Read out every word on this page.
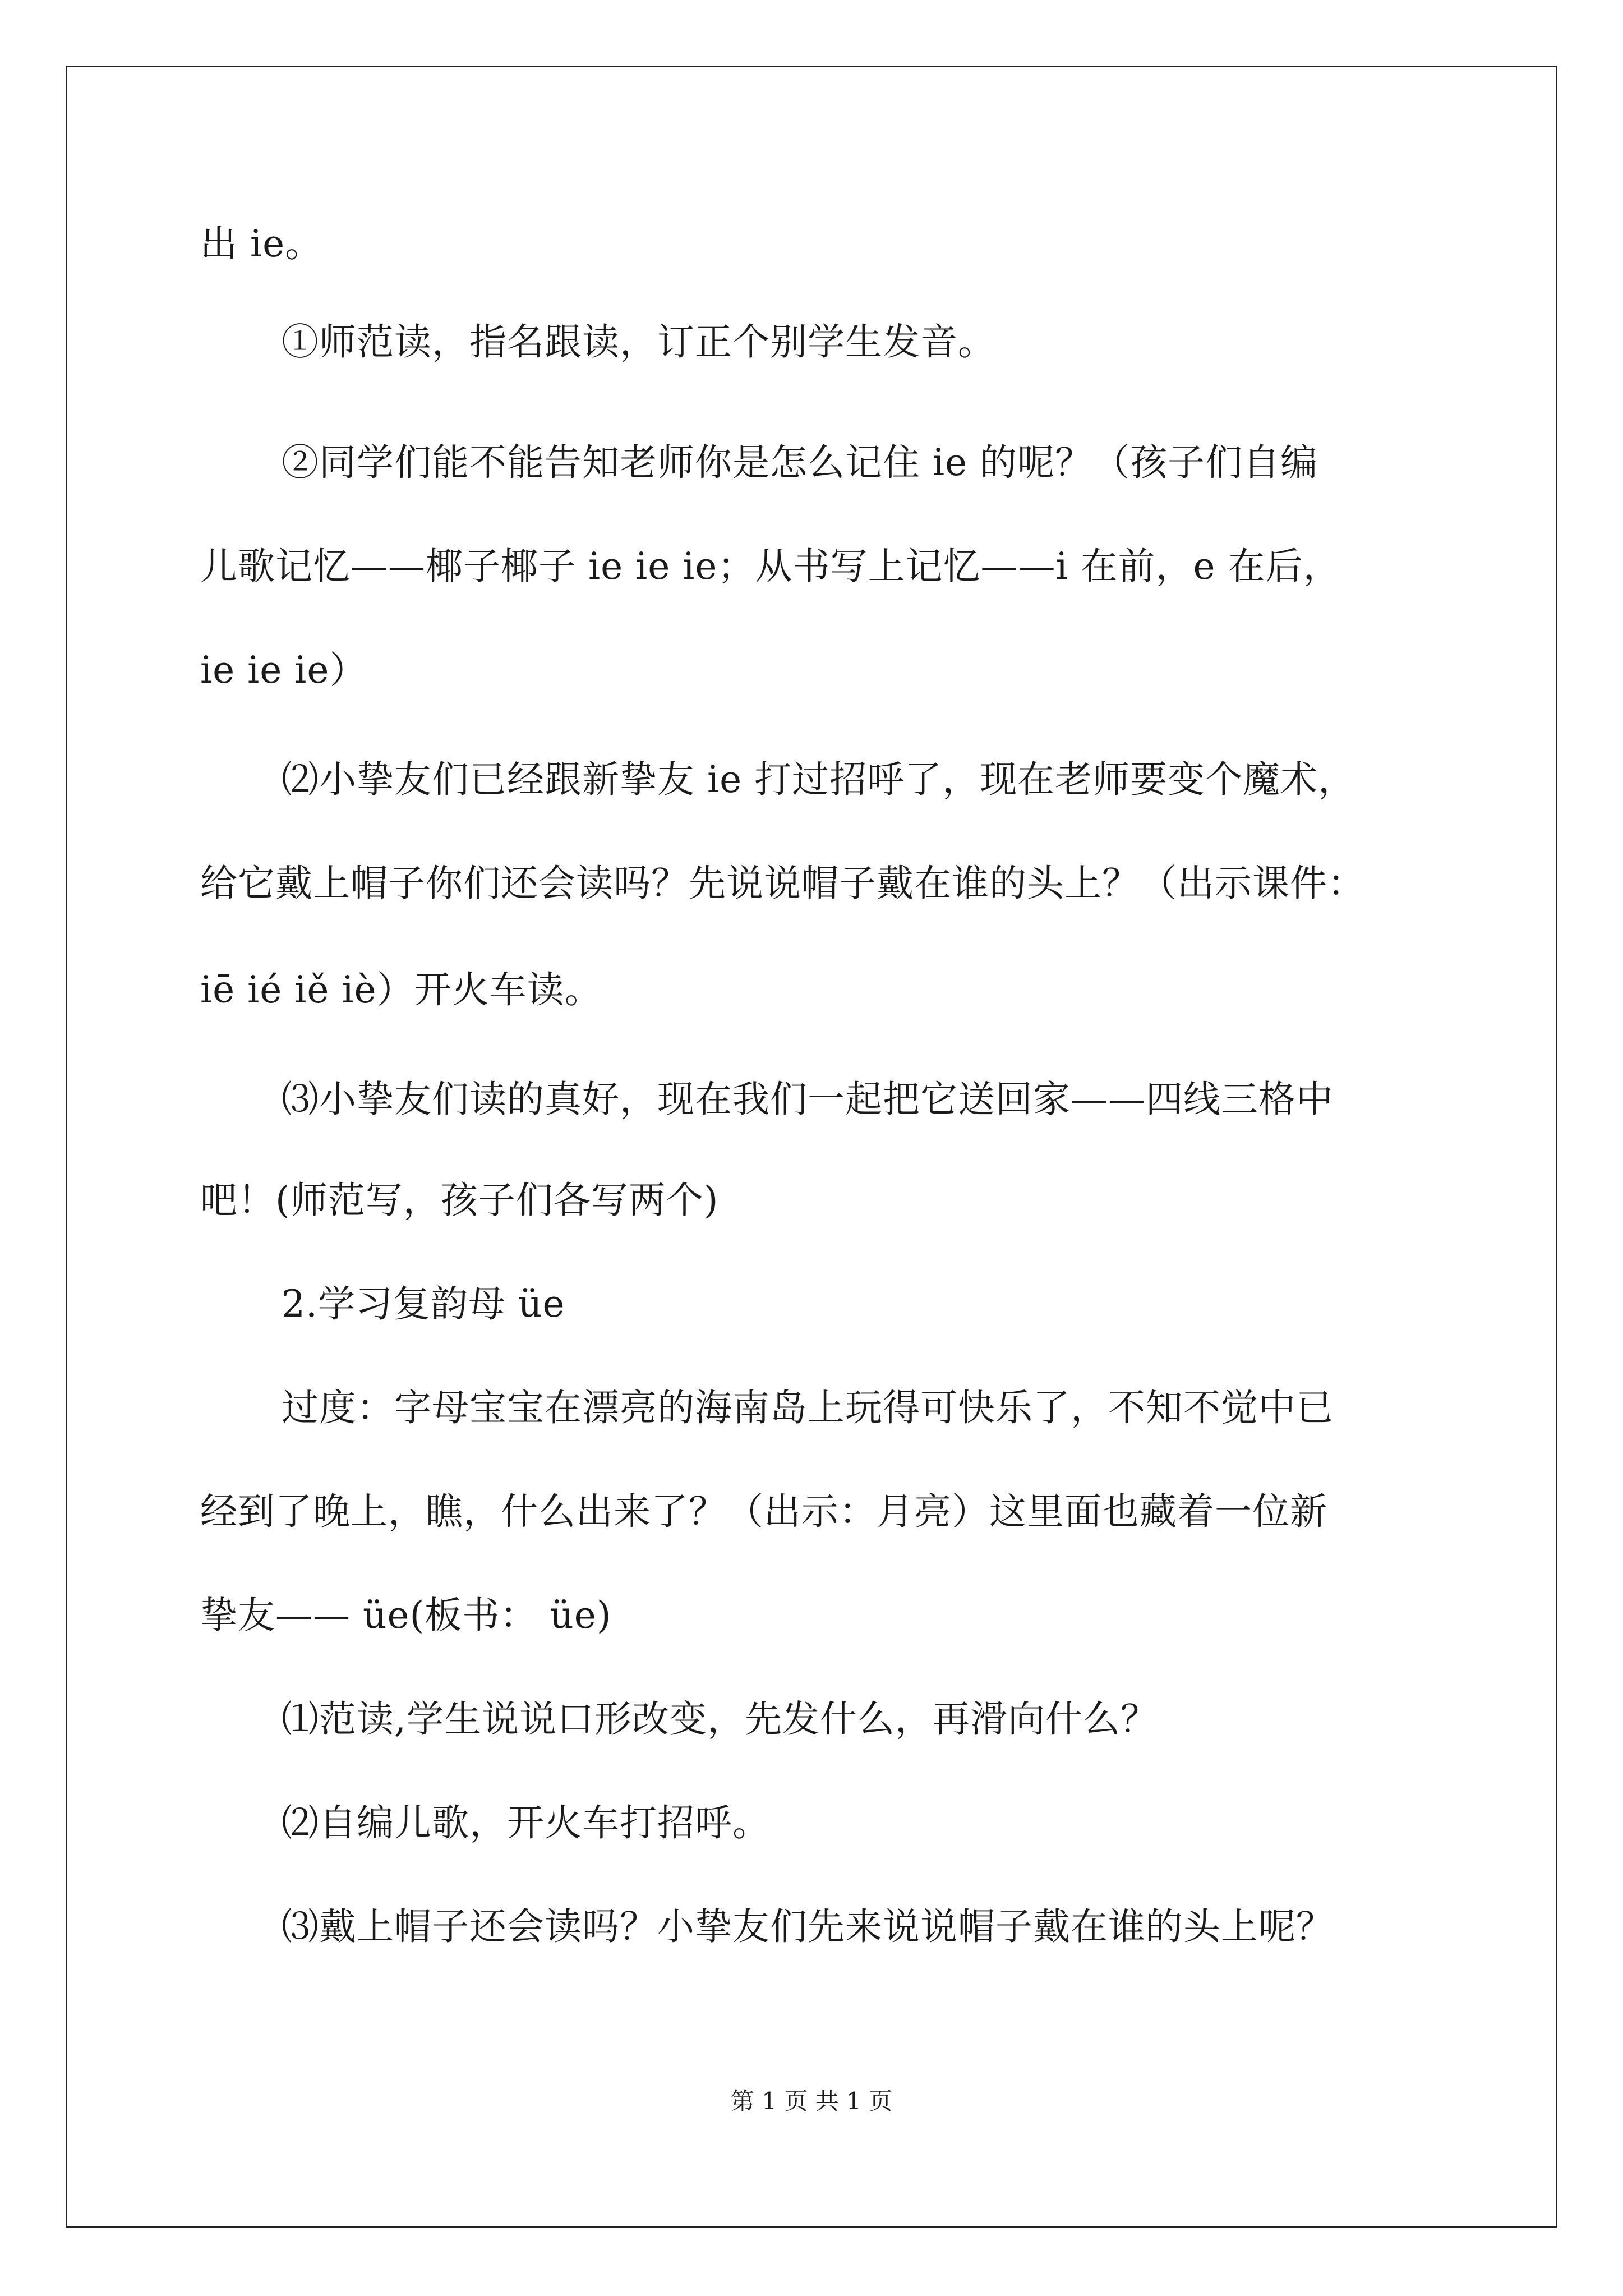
出 ie。
①师范读，指名跟读，订正个别学生发音。
②同学们能不能告知老师你是怎么记住 ie 的呢？（孩子们自编
儿歌记忆——椰子椰子 ie ie ie；从书写上记忆——i 在前，e 在后，
ie ie ie）
⑵小挚友们已经跟新挚友 ie 打过招呼了，现在老师要变个魔术，
给它戴上帽子你们还会读吗？先说说帽子戴在谁的头上？（出示课件：
iē ié iě iè）开火车读。
⑶小挚友们读的真好，现在我们一起把它送回家——四线三格中
吧！(师范写，孩子们各写两个)
2.学习复韵母 üe
过度：字母宝宝在漂亮的海南岛上玩得可快乐了，不知不觉中已
经到了晚上，瞧，什么出来了？（出示：月亮）这里面也藏着一位新
挚友—— üe(板书： üe)
⑴范读,学生说说口形改变，先发什么，再滑向什么？
⑵自编儿歌，开火车打招呼。
⑶戴上帽子还会读吗？小挚友们先来说说帽子戴在谁的头上呢？
第 1 页 共 1 页
